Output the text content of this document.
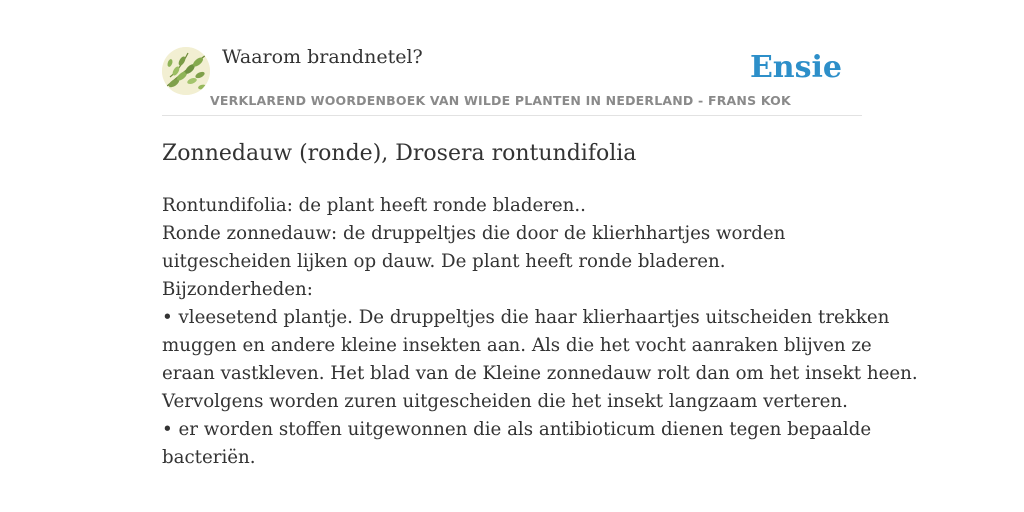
Waarom brandnetel?
VERKLAREND WOORDENBOEK VAN WILDE PLANTEN IN NEDERLAND - FRANS KOK
Ensie
Zonnedauw (ronde), Drosera rontundifolia
Rontundifolia: de plant heeft ronde bladeren..
Ronde zonnedauw: de druppeltjes die door de klierhhartjes worden
uitgescheiden lijken op dauw. De plant heeft ronde bladeren.
Bijzonderheden:
• vleesetend plantje. De druppeltjes die haar klierhaartjes uitscheiden trekken
muggen en andere kleine insekten aan. Als die het vocht aanraken blijven ze
eraan vastkleven. Het blad van de Kleine zonnedauw rolt dan om het insekt heen.
Vervolgens worden zuren uitgescheiden die het insekt langzaam verteren.
• er worden stoffen uitgewonnen die als antibioticum dienen tegen bepaalde
bacteriën.
